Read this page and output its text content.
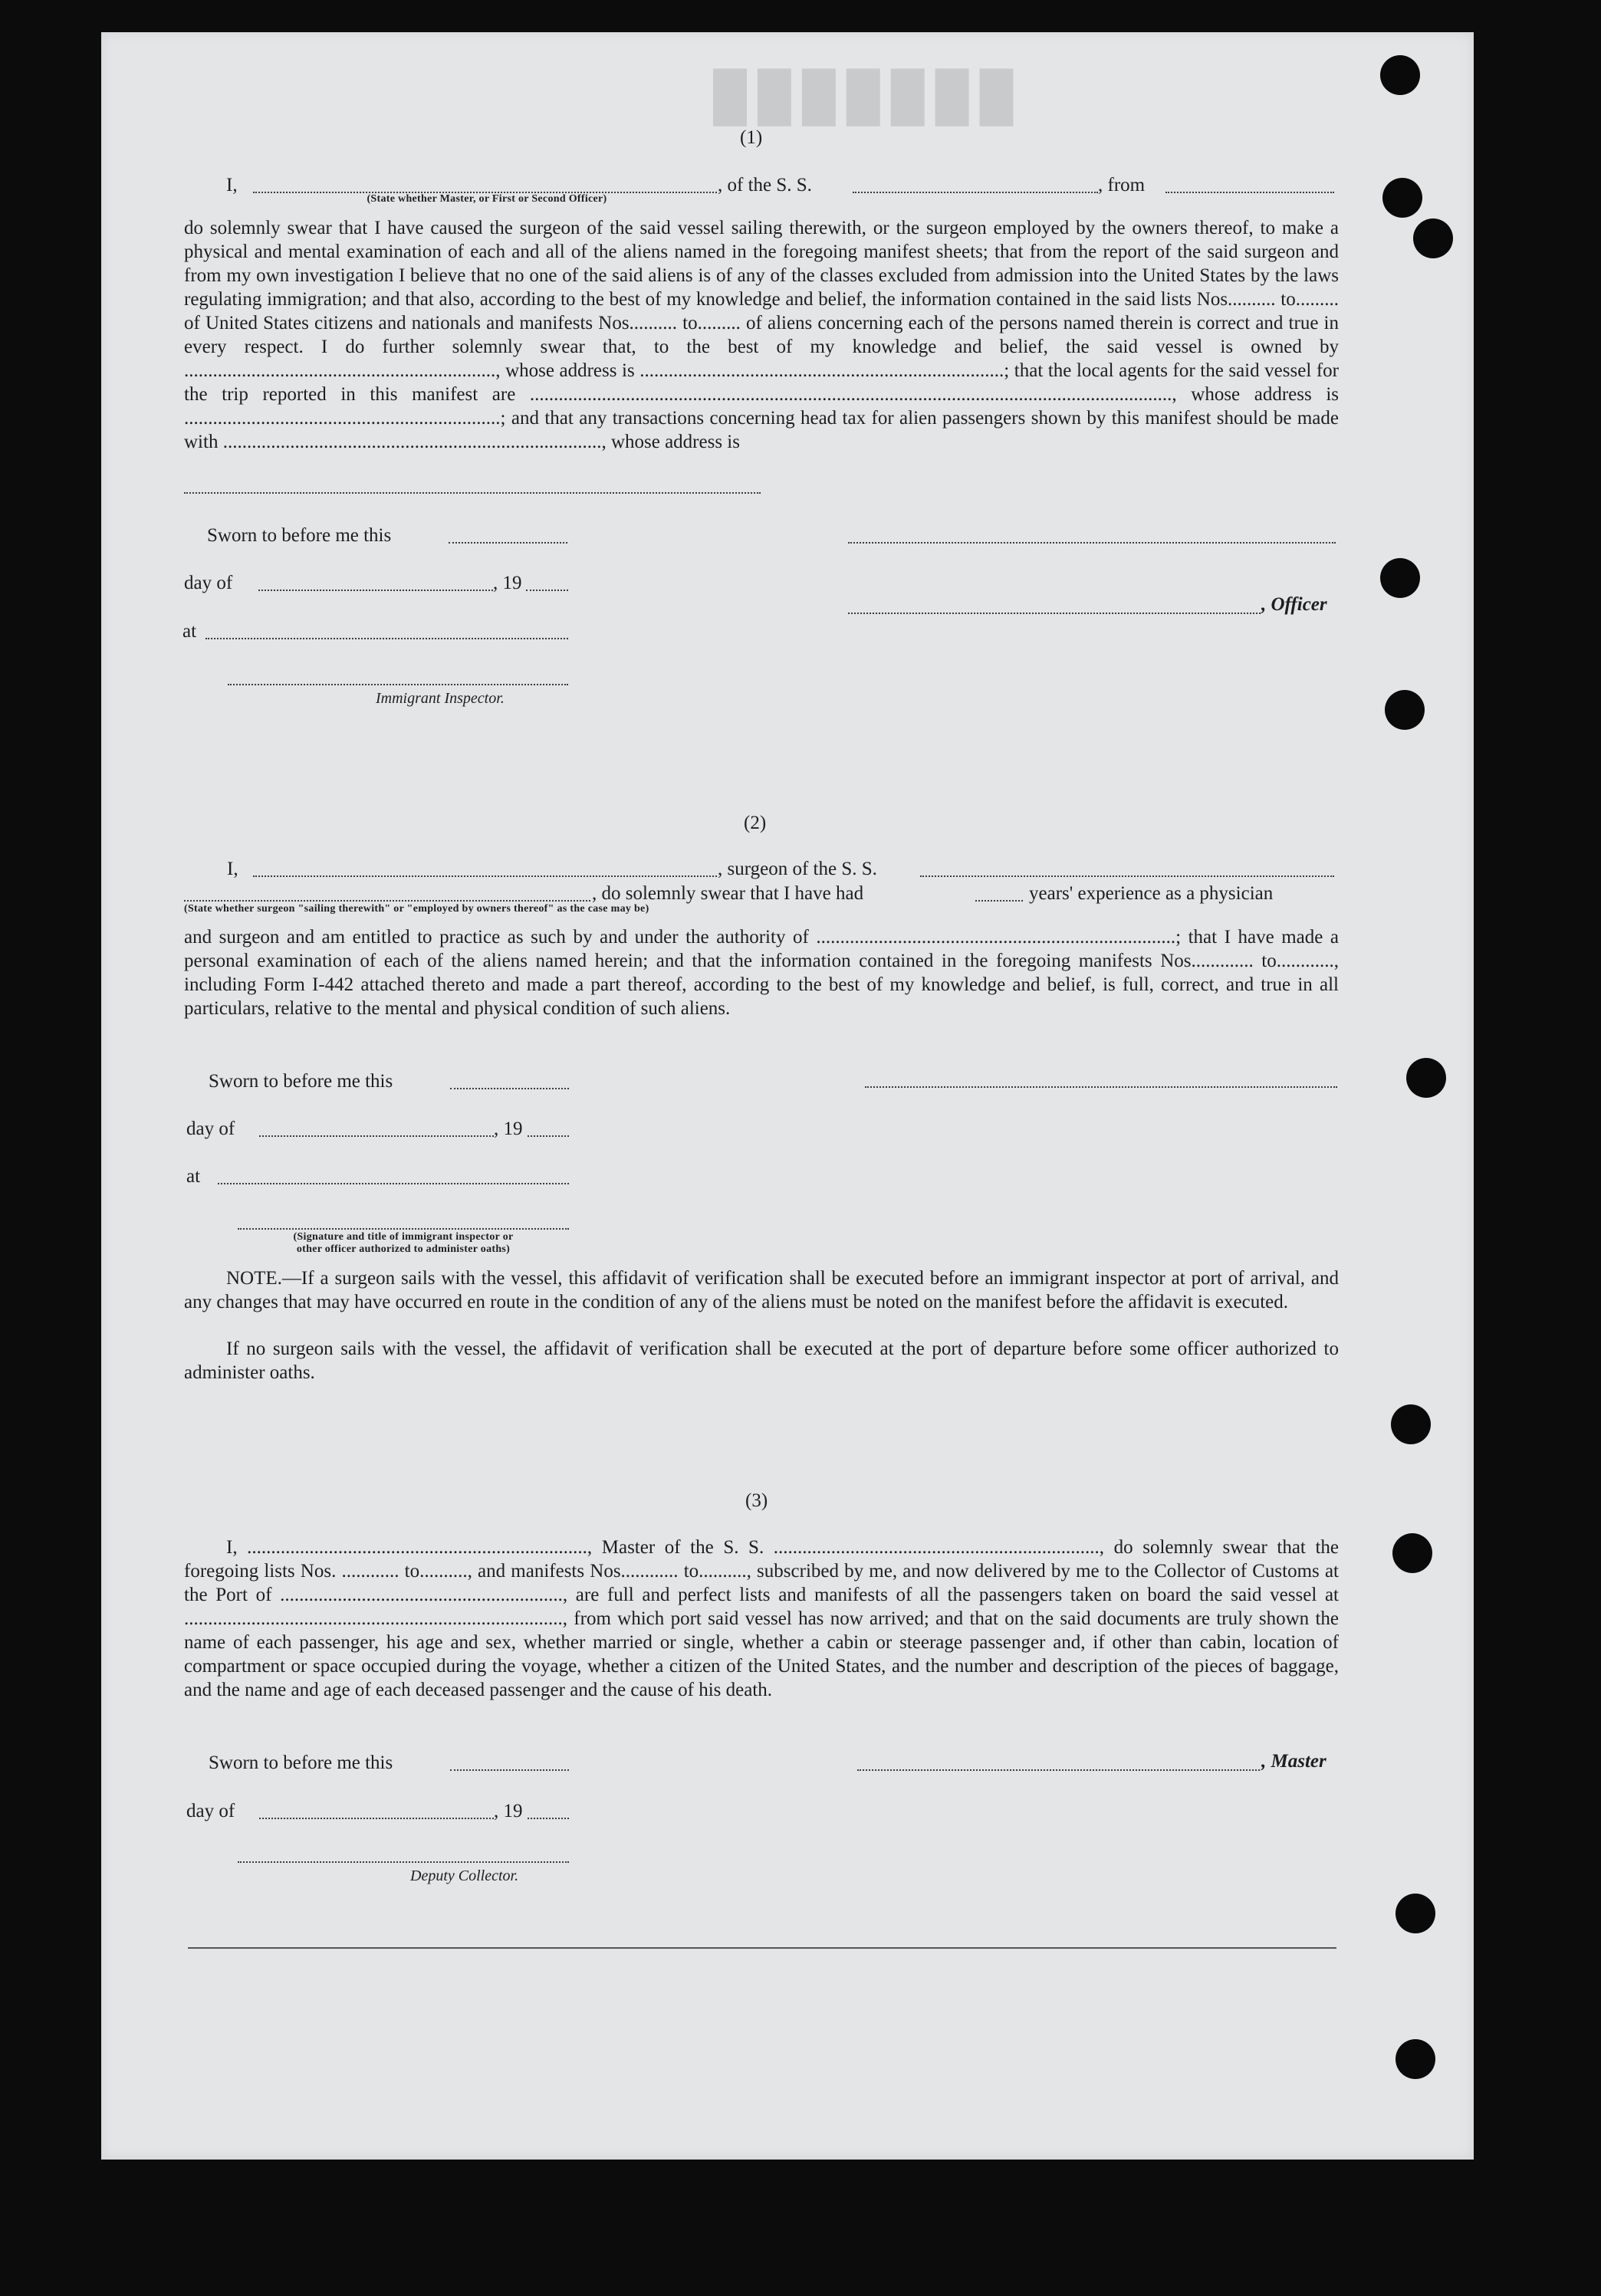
███████
(1)
I,	, of the S. S.	, from
(State whether Master, or First or Second Officer)
do solemnly swear that I have caused the surgeon of the said vessel sailing therewith, or the surgeon employed by the owners thereof, to make a physical and mental examination of each and all of the aliens named in the foregoing manifest sheets; that from the report of the said surgeon and from my own investigation I believe that no one of the said aliens is of any of the classes excluded from admission into the United States by the laws regulating immigration; and that also, according to the best of my knowledge and belief, the information contained in the said lists Nos.......... to......... of United States citizens and nationals and manifests Nos.......... to......... of aliens concerning each of the persons named therein is correct and true in every respect. I do further solemnly swear that, to the best of my knowledge and belief, the said vessel is owned by ................................................................., whose address is ............................................................................; that the local agents for the said vessel for the trip reported in this manifest are ......................................................................................................................................, whose address is ..................................................................; and that any transactions concerning head tax for alien passengers shown by this manifest should be made with ..............................................................................., whose address is
Sworn to before me this
day of	, 19
, Officer
at
Immigrant Inspector.
(2)
I,	, surgeon of the S. S.
, do solemnly swear that I have had	years' experience as a physician
(State whether surgeon "sailing therewith" or "employed by owners thereof" as the case may be)
and surgeon and am entitled to practice as such by and under the authority of ...........................................................................; that I have made a personal examination of each of the aliens named herein; and that the information contained in the foregoing manifests Nos............. to............, including Form I-442 attached thereto and made a part thereof, according to the best of my knowledge and belief, is full, correct, and true in all particulars, relative to the mental and physical condition of such aliens.
Sworn to before me this
day of	, 19
at
(Signature and title of immigrant inspector or
other officer authorized to administer oaths)
NOTE.—If a surgeon sails with the vessel, this affidavit of verification shall be executed before an immigrant inspector at port of arrival, and any changes that may have occurred en route in the condition of any of the aliens must be noted on the manifest before the affidavit is executed.
If no surgeon sails with the vessel, the affidavit of verification shall be executed at the port of departure before some officer authorized to administer oaths.
(3)
I, ......................................................................., Master of the S. S. ...................................................................., do solemnly swear that the foregoing lists Nos. ............ to.........., and manifests Nos............ to.........., subscribed by me, and now delivered by me to the Collector of Customs at the Port of ..........................................................., are full and perfect lists and manifests of all the passengers taken on board the said vessel at ..............................................................................., from which port said vessel has now arrived; and that on the said documents are truly shown the name of each passenger, his age and sex, whether married or single, whether a cabin or steerage passenger and, if other than cabin, location of compartment or space occupied during the voyage, whether a citizen of the United States, and the number and description of the pieces of baggage, and the name and age of each deceased passenger and the cause of his death.
Sworn to before me this	, Master
day of	, 19
Deputy Collector.
